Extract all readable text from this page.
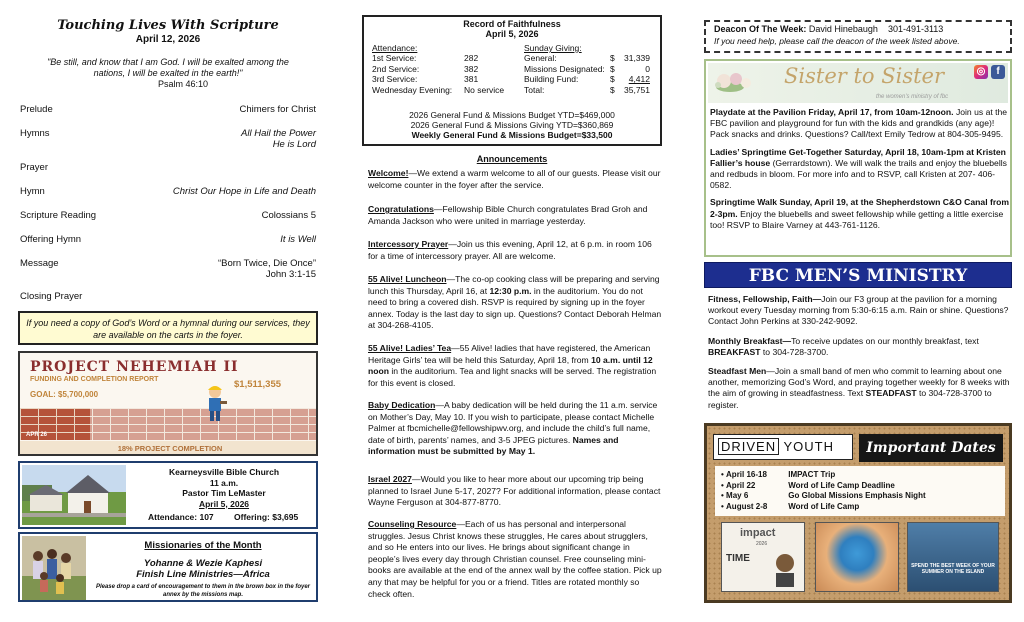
Touching Lives With Scripture
April 12, 2026
"Be still, and know that I am God. I will be exalted among the nations, I will be exalted in the earth!"
Psalm 46:10
Prelude	Chimers for Christ
Hymns	All Hail the Power
He is Lord
Prayer
Hymn	Christ Our Hope in Life and Death
Scripture Reading	Colossians 5
Offering Hymn	It is Well
Message	“Born Twice, Die Once”
John 3:1-15
Closing Prayer
If you need a copy of God’s Word or a hymnal during our services, they are available on the carts in the foyer.
PROJECT NEHEMIAH II
FUNDING AND COMPLETION REPORT
GOAL: $5,700,000
$1,511,355
APR 26
18% PROJECT COMPLETION
Kearneysville Bible Church
11 a.m.
Pastor Tim LeMaster
April 5, 2026
Attendance: 107 Offering: $3,695
Missionaries of the Month
Yohanne & Wezie Kaphesi
Finish Line Ministries—Africa
Please drop a card of encouragement to them in the brown box in the foyer annex by the missions map.
Record of Faithfulness
April 5, 2026
Attendance:
1st Service:	282
2nd Service:	382
3rd Service:	381
Wednesday Evening: No service
Sunday Giving:
General:	$ 31,339
Missions Designated: $	0
Building Fund:	$ 4,412
Total:	$ 35,751
2026 General Fund & Missions Budget YTD=$469,000
2026 General Fund & Missions Giving YTD=$360,869
Weekly General Fund & Missions Budget=$33,500
Announcements
Welcome!—We extend a warm welcome to all of our guests. Please visit our welcome counter in the foyer after the service.
Congratulations—Fellowship Bible Church congratulates Brad Groh and Amanda Jackson who were united in marriage yesterday.
Intercessory Prayer—Join us this evening, April 12, at 6 p.m. in room 106 for a time of intercessory prayer. All are welcome.
55 Alive! Luncheon—The co-op cooking class will be preparing and serving lunch this Thursday, April 16, at 12:30 p.m. in the auditorium. You do not need to bring a covered dish. RSVP is required by signing up in the foyer annex. Today is the last day to sign up. Questions? Contact Deborah Helman at 304-268-4105.
55 Alive! Ladies’ Tea—55 Alive! ladies that have registered, the American Heritage Girls’ tea will be held this Saturday, April 18, from 10 a.m. until 12 noon in the auditorium. Tea and light snacks will be served. The registration for this event is closed.
Baby Dedication—A baby dedication will be held during the 11 a.m. service on Mother’s Day, May 10. If you wish to participate, please contact Michelle Palmer at fbcmichelle@fellowshipwv.org, and include the child’s full name, date of birth, parents’ names, and 3-5 JPEG pictures. Names and information must be submitted by May 1.
Israel 2027—Would you like to hear more about our upcoming trip being planned to Israel June 5-17, 2027? For additional information, please contact Wayne Ferguson at 304-877-8770.
Counseling Resource—Each of us has personal and interpersonal struggles. Jesus Christ knows these struggles, He cares about strugglers, and so He enters into our lives. He brings about significant change in people’s lives every day through Christian counsel. Free counseling mini-books are available at the end of the annex wall by the coffee station. Pick up any that may be helpful for you or a friend. Titles are rotated monthly so check often.
Deacon Of The Week: David Hinebaugh 301-491-3113
If you need help, please call the deacon of the week listed above.
Sister to Sister
the women's ministry of fbc
◎	f

Playdate at the Pavilion Friday, April 17, from 10am-12noon. Join us at the FBC pavilion and playground for fun with the kids and grandkids (any age)! Pack snacks and drinks. Questions? Call/text Emily Tedrow at 804-305-9495.

Ladies’ Springtime Get-Together Saturday, April 18, 10am-1pm at Kristen Fallier’s house (Gerrardstown). We will walk the trails and enjoy the bluebells and redbuds in bloom. For more info and to RSVP, call Kristen at 207- 406-0582.

Springtime Walk Sunday, April 19, at the Shepherdstown C&O Canal from 2-3pm. Enjoy the bluebells and sweet fellowship while getting a little exercise too! RSVP to Blaire Varney at 443-761-1126.

FBC MEN’S MINISTRY

Fitness, Fellowship, Faith—Join our F3 group at the pavilion for a morning workout every Tuesday morning from 5:30-6:15 a.m. Rain or shine. Questions? Contact John Perkins at 330-242-9092.

Monthly Breakfast—To receive updates on our monthly breakfast, text BREAKFAST to 304-728-3700.

Steadfast Men—Join a small band of men who commit to learning about one another, memorizing God’s Word, and praying together weekly for 8 weeks with the aim of growing in steadfastness. Text STEADFAST to 304-728-3700 to register.

DRIVEN YOUTH	Important Dates
• April 16-18	IMPACT Trip
• April 22	Word of Life Camp Deadline
• May 6	Go Global Missions Emphasis Night
• August 2-8	Word of Life Camp
impact
2026
TIME
SPEND THE BEST WEEK OF YOUR SUMMER ON THE ISLAND
